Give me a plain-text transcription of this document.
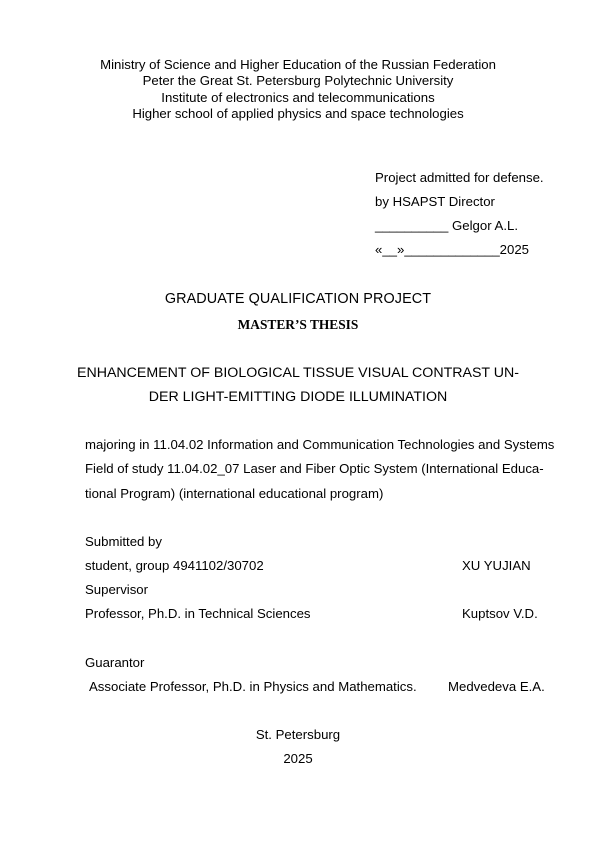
Ministry of Science and Higher Education of the Russian Federation
Peter the Great St. Petersburg Polytechnic University
Institute of electronics and telecommunications
Higher school of applied physics and space technologies
Project admitted for defense.
by HSAPST Director
__________ Gelgor A.L.
«__»_____________2025
GRADUATE QUALIFICATION PROJECT
MASTER’S THESIS
ENHANCEMENT OF BIOLOGICAL TISSUE VISUAL CONTRAST UN-
DER LIGHT-EMITTING DIODE ILLUMINATION
majoring in 11.04.02 Information and Communication Technologies and Systems
Field of study 11.04.02_07 Laser and Fiber Optic System (International Educa-
tional Program) (international educational program)
Submitted by
student, group 4941102/30702	XU YUJIAN
Supervisor
Professor, Ph.D. in Technical Sciences	Kuptsov V.D.
Guarantor
Associate Professor, Ph.D. in Physics and Mathematics. Medvedeva E.A.
St. Petersburg
2025
